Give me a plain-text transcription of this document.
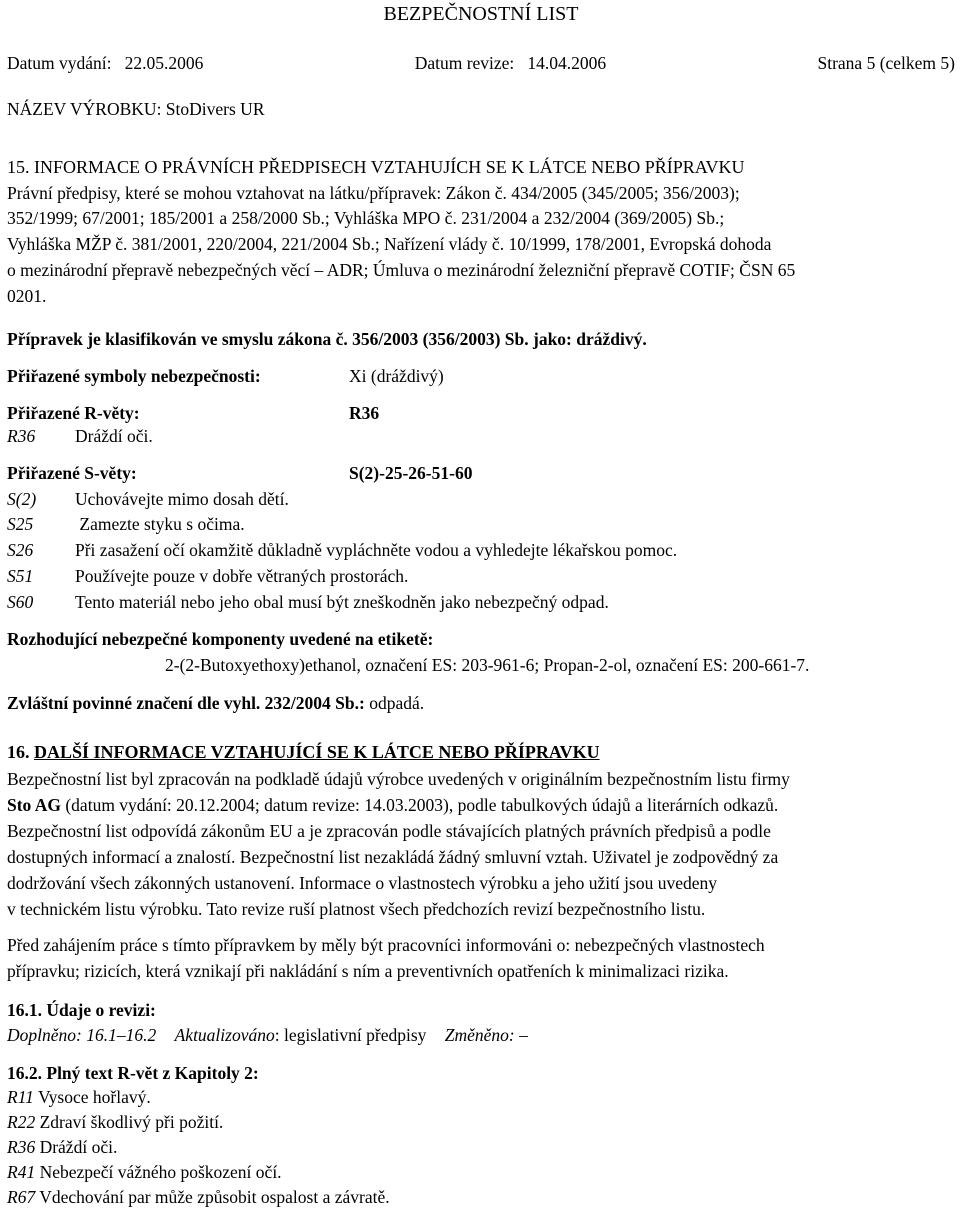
BEZPEČNOSTNÍ LIST
Datum vydání:   22.05.2006	Datum revize:   14.04.2006	Strana 5 (celkem 5)
NÁZEV VÝROBKU: StoDivers UR
15. INFORMACE O PRÁVNÍCH PŘEDPISECH VZTAHUJÍCH SE K LÁTCE NEBO PŘÍPRAVKU
Právní předpisy, které se mohou vztahovat na látku/přípravek: Zákon č. 434/2005 (345/2005; 356/2003);
352/1999; 67/2001; 185/2001 a 258/2000 Sb.; Vyhláška MPO č. 231/2004 a 232/2004 (369/2005) Sb.;
Vyhláška MŽP č. 381/2001, 220/2004, 221/2004 Sb.; Nařízení vlády č. 10/1999, 178/2001, Evropská dohoda
o mezinárodní přepravě nebezpečných věcí – ADR; Úmluva o mezinárodní železniční přepravě COTIF; ČSN 65
0201.
Přípravek je klasifikován ve smyslu zákona č. 356/2003 (356/2003) Sb. jako: dráždivý.
Přiřazené symboly nebezpečnosti:	Xi (dráždivý)
Přiřazené R-věty:	R36
R36 Dráždí oči.
Přiřazené S-věty:	S(2)-25-26-51-60
S(2) Uchovávejte mimo dosah dětí.
S25 Zamezte styku s očima.
S26 Při zasažení očí okamžitě důkladně vypláchněte vodou a vyhledejte lékařskou pomoc.
S51 Používejte pouze v dobře větraných prostorách.
S60 Tento materiál nebo jeho obal musí být zneškodněn jako nebezpečný odpad.
Rozhodující nebezpečné komponenty uvedené na etiketě:
2-(2-Butoxyethoxy)ethanol, označení ES: 203-961-6; Propan-2-ol, označení ES: 200-661-7.
Zvláštní povinné značení dle vyhl. 232/2004 Sb.: odpadá.
16. DALŠÍ INFORMACE VZTAHUJÍCÍ SE K LÁTCE NEBO PŘÍPRAVKU
Bezpečnostní list byl zpracován na podkladě údajů výrobce uvedených v originálním bezpečnostním listu firmy
Sto AG (datum vydání: 20.12.2004; datum revize: 14.03.2003), podle tabulkových údajů a literárních odkazů.
Bezpečnostní list odpovídá zákonům EU a je zpracován podle stávajících platných právních předpisů a podle
dostupných informací a znalostí. Bezpečnostní list nezakládá žádný smluvní vztah. Uživatel je zodpovědný za
dodržování všech zákonných ustanovení. Informace o vlastnostech výrobku a jeho užití jsou uvedeny
v technickém listu výrobku. Tato revize ruší platnost všech předchozích revizí bezpečnostního listu.
Před zahájením práce s tímto přípravkem by měly být pracovníci informováni o: nebezpečných vlastnostech
přípravku; rizicích, která vznikají při nakládání s ním a preventivních opatřeních k minimalizaci rizika.
16.1. Údaje o revizi:
Doplněno: 16.1–16.2 Aktualizováno: legislativní předpisy Změněno: –
16.2. Plný text R-vět z Kapitoly 2:
R11 Vysoce hořlavý.
R22 Zdraví škodlivý při požití.
R36 Dráždí oči.
R41 Nebezpečí vážného poškození očí.
R67 Vdechování par může způsobit ospalost a závratě.
